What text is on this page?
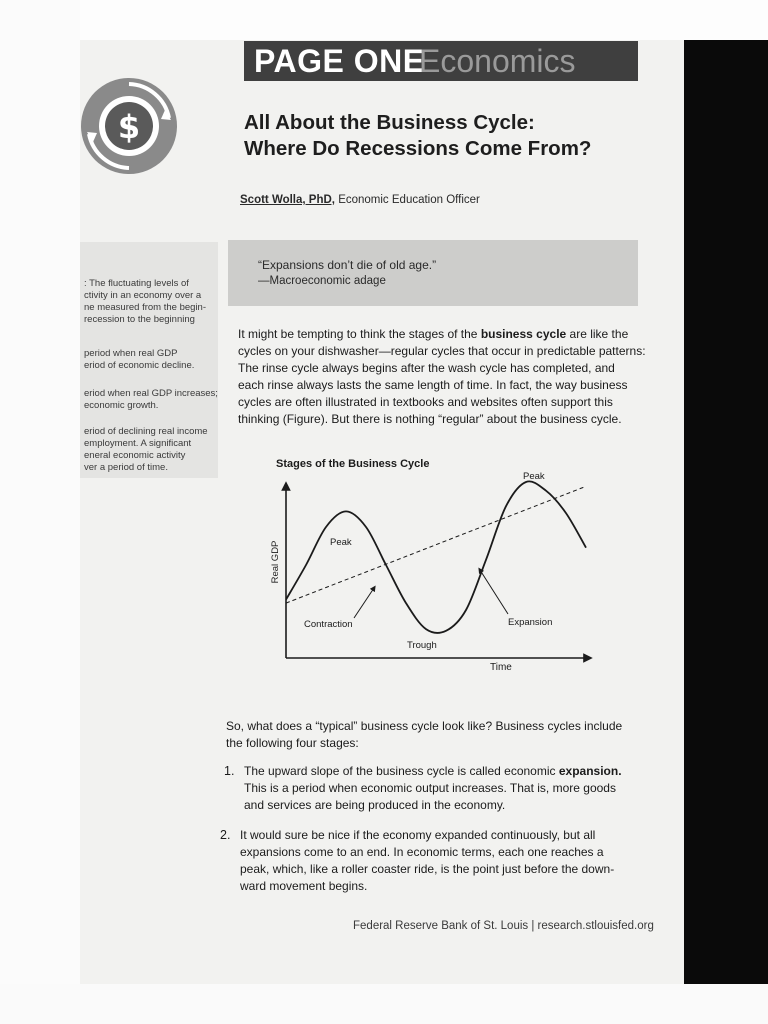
PAGE ONE
Economics
$	All About the Business Cycle:
Where Do Recessions Come From?
Scott Wolla, PhD, Economic Education Officer
: The fluctuating levels of
ctivity in an economy over a
ne measured from the begin-
recession to the beginning
period when real GDP
eriod of economic decline.
eriod when real GDP increases;
economic growth.
eriod of declining real income
employment. A significant
eneral economic activity
ver a period of time.
“Expansions don’t die of old age.”
—Macroeconomic adage
It might be tempting to think the stages of the business cycle are like the
cycles on your dishwasher—regular cycles that occur in predictable patterns:
The rinse cycle always begins after the wash cycle has completed, and
each rinse always lasts the same length of time. In fact, the way business
cycles are often illustrated in textbooks and websites often support this
thinking (Figure). But there is nothing “regular” about the business cycle.
Stages of the Business Cycle
Real GDP
Time
Peak
Peak
Trough
Contraction	Expansion
So, what does a “typical” business cycle look like? Business cycles include
the following four stages:
1. The upward slope of the business cycle is called economic expansion.
This is a period when economic output increases. That is, more goods
and services are being produced in the economy.
2. It would sure be nice if the economy expanded continuously, but all
expansions come to an end. In economic terms, each one reaches a
peak, which, like a roller coaster ride, is the point just before the down-
ward movement begins.
Federal Reserve Bank of St. Louis | research.stlouisfed.org
